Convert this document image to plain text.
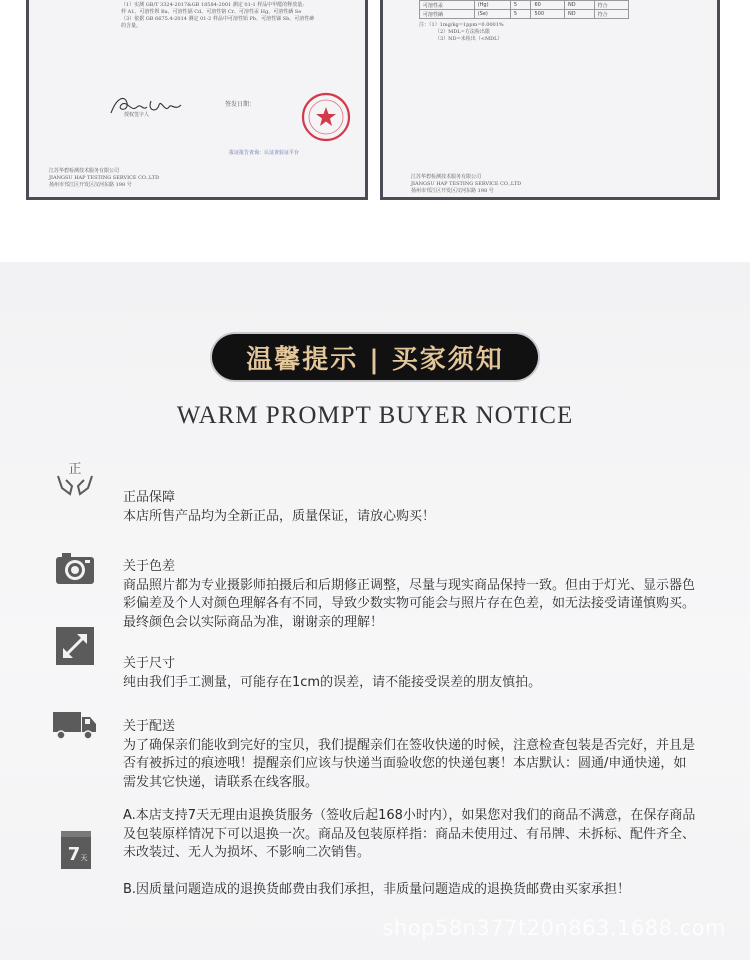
（1）实测 GB/T 3324-2017&GB 18584-2001 测定 01-1 样品中甲醛的释放量;
样 A1、可溶性钡 Ba、可溶性镉 Cd、可溶性铬 Cr、可溶性汞 Hg、可溶性硒 Se
（3）依据 GB 6675.4-2014 测定 01-2 样品中可溶性铅 Pb、可溶性锑 Sb、可溶性砷
的含量。
授权签字人
签发日期：
报证报告查询：认证查验证平台
江苏华碧检测技术服务有限公司
JIANGSU HAP TESTING SERVICE CO.,LTD
扬州市邗江区开发区汉河东路 198 号
可溶性汞	(Hg)	5	60	ND	符合
可溶性硒	(Se)	5	500	ND	符合
注：（1）1mg/kg=1ppm=0.0001%
（2）MDL=方法检出限
（3）ND=未检出（<MDL）
江苏华碧检测技术服务有限公司
JIANGSU HAP TESTING SERVICE CO.,LTD
扬州市邗江区开发区汉河东路 198 号
温馨提示 | 买家须知
WARM PROMPT BUYER NOTICE
正
正品保障
本店所售产品均为全新正品，质量保证，请放心购买！
关于色差
商品照片都为专业摄影师拍摄后和后期修正调整，尽量与现实商品保持一致。但由于灯光、显示器色彩偏差及个人对颜色理解各有不同，导致少数实物可能会与照片存在色差，如无法接受请谨慎购买。最终颜色会以实际商品为准，谢谢亲的理解！
关于尺寸
纯由我们手工测量，可能存在1cm的误差，请不能接受误差的朋友慎拍。
关于配送
为了确保亲们能收到完好的宝贝，我们提醒亲们在签收快递的时候，注意检查包装是否完好，并且是否有被拆过的痕迹哦！提醒亲们应该与快递当面验收您的快递包裹！本店默认：圆通/申通快递，如需发其它快递，请联系在线客服。
7 天
A.本店支持7天无理由退换货服务（签收后起168小时内），如果您对我们的商品不满意，在保存商品及包装原样情况下可以退换一次。商品及包装原样指：商品未使用过、有吊牌、未拆标、配件齐全、未改装过、无人为损坏、不影响二次销售。
B.因质量问题造成的退换货邮费由我们承担，非质量问题造成的退换货邮费由买家承担！
shop58n377t20n863.1688.com
